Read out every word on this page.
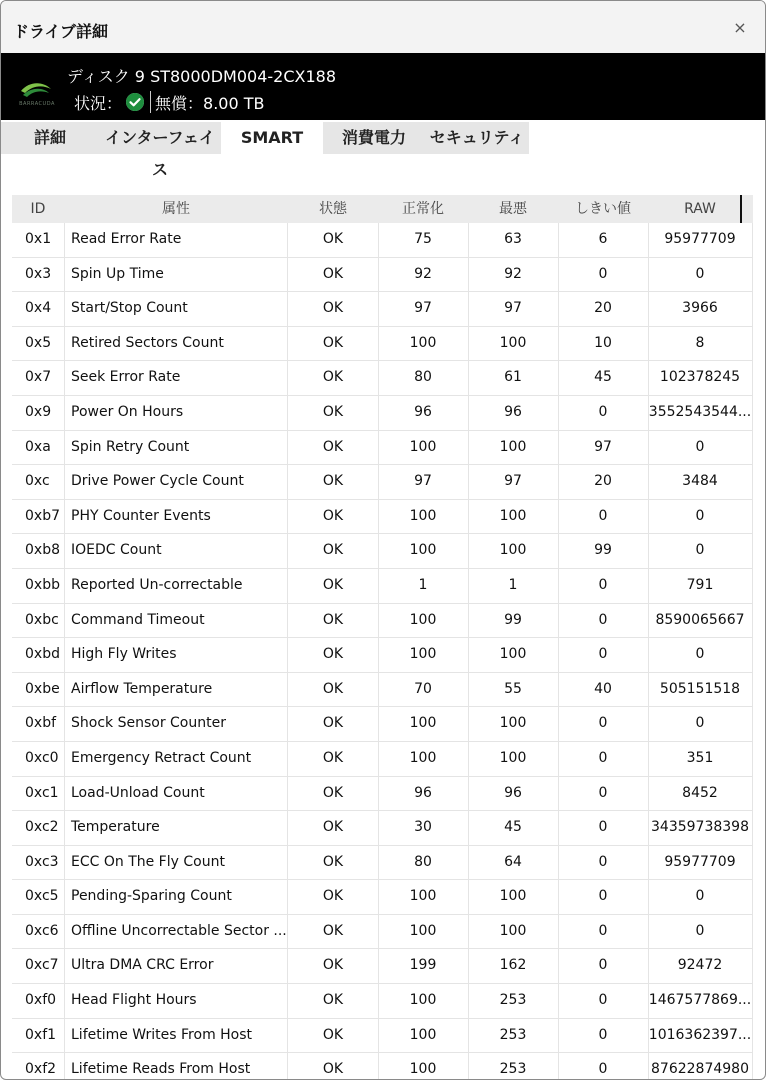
ドライブ詳細	×
BARRACUDA
ディスク 9 ST8000DM004-2CX188
状況： 無償：8.00 TB
詳細	インターフェイス
SMART	消費電力	セキュリティ
ID	属性	状態	正常化	最悪	しきい値	RAW
0x1	Read Error Rate	OK	75	63	6	95977709
0x3	Spin Up Time	OK	92	92	0	0
0x4	Start/Stop Count	OK	97	97	20	3966
0x5	Retired Sectors Count	OK	100	100	10	8
0x7	Seek Error Rate	OK	80	61	45	102378245
0x9	Power On Hours	OK	96	96	0	3552543544...
0xa	Spin Retry Count	OK	100	100	97	0
0xc	Drive Power Cycle Count	OK	97	97	20	3484
0xb7 PHY Counter Events	OK	100	100	0	0
0xb8 IOEDC Count	OK	100	100	99	0
0xbb Reported Un-correctable	OK	1	1	0	791
0xbc Command Timeout	OK	100	99	0	8590065667
0xbd High Fly Writes	OK	100	100	0	0
0xbe Airflow Temperature	OK	70	55	40	505151518
0xbf	Shock Sensor Counter	OK	100	100	0	0
0xc0 Emergency Retract Count	OK	100	100	0	351
0xc1 Load-Unload Count	OK	96	96	0	8452
0xc2 Temperature	OK	30	45	0	34359738398
0xc3 ECC On The Fly Count	OK	80	64	0	95977709
0xc5 Pending-Sparing Count	OK	100	100	0	0
0xc6 Offline Uncorrectable Sector ...	OK	100	100	0	0
0xc7 Ultra DMA CRC Error	OK	199	162	0	92472
0xf0	Head Flight Hours	OK	100	253	0	1467577869...
0xf1	Lifetime Writes From Host	OK	100	253	0	1016362397...
0xf2	Lifetime Reads From Host	OK	100	253	0	87622874980
